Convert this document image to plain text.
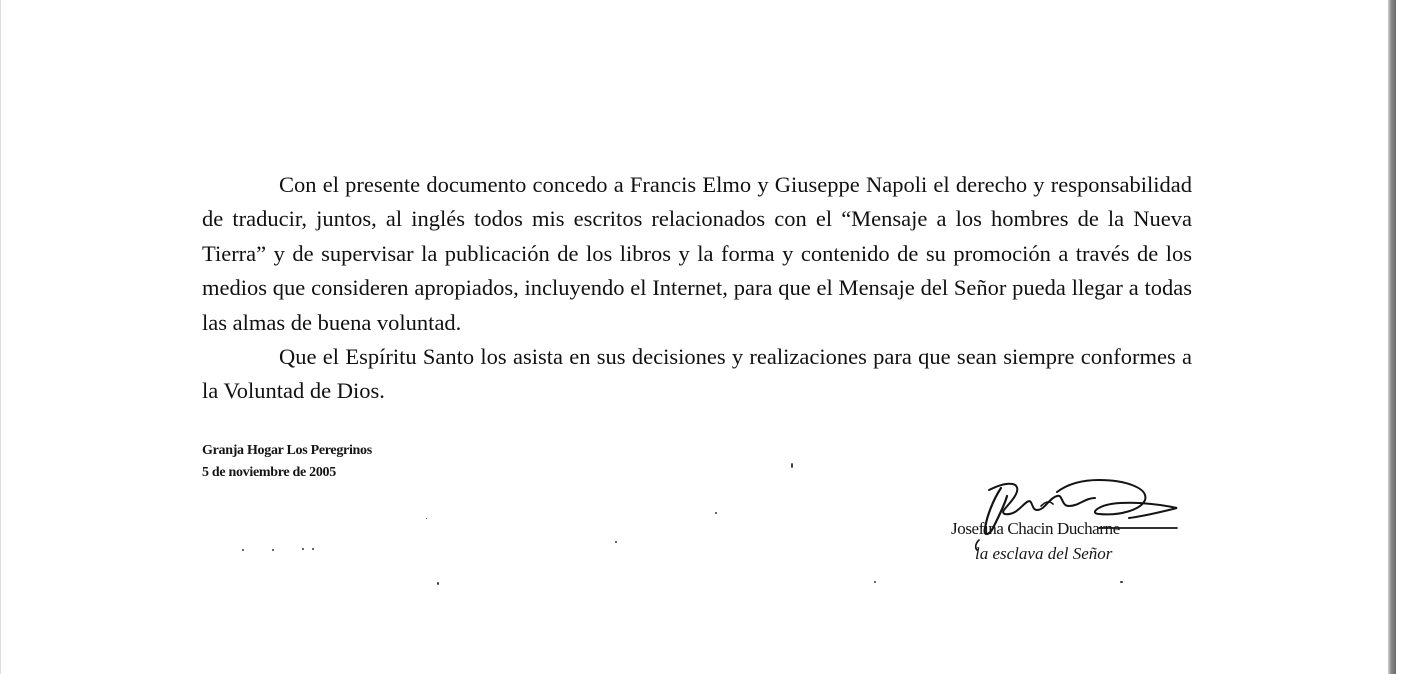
Con el presente documento concedo a Francis Elmo y Giuseppe Napoli el derecho y responsabilidad de traducir, juntos, al inglés todos mis escritos relacionados con el “Mensaje a los hombres de la Nueva Tierra” y de supervisar la publicación de los libros y la forma y contenido de su promoción a través de los medios que consideren apropiados, incluyendo el Internet, para que el Mensaje del Señor pueda llegar a todas las almas de buena voluntad.

Que el Espíritu Santo los asista en sus decisiones y realizaciones para que sean siempre conformes a la Voluntad de Dios.

Granja Hogar Los Peregrinos
5 de noviembre de 2005
Josefina Chacin Ducharne
la esclava del Señor
